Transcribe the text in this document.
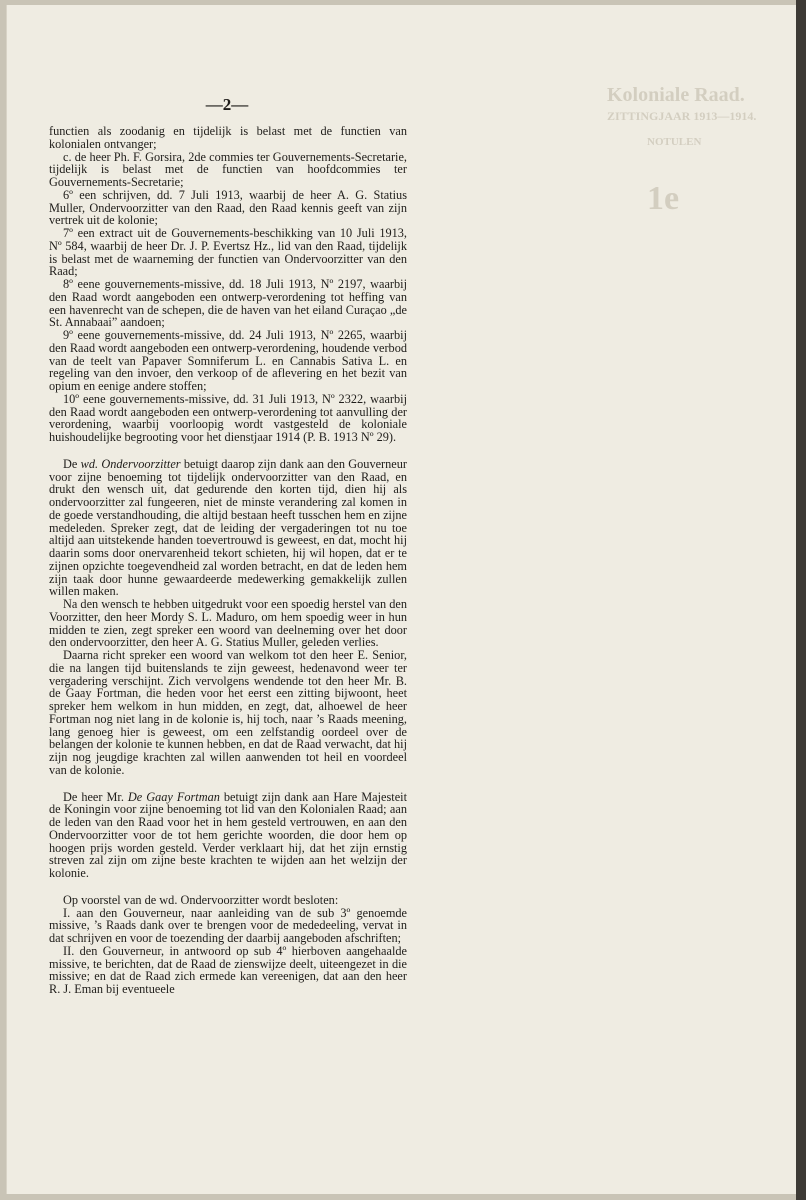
Koloniale Raad.
ZITTINGJAAR 1913—1914.
NOTULEN
1e
—2—

functien als zoodanig en tijdelijk is belast met de functien van kolonialen ontvanger;

c. de heer Ph. F. Gorsira, 2de commies ter Gouvernements-Secretarie, tijdelijk is belast met de functien van hoofdcommies ter Gouvernements-Secretarie;

6º een schrijven, dd. 7 Juli 1913, waarbij de heer A. G. Statius Muller, Ondervoorzitter van den Raad, den Raad kennis geeft van zijn vertrek uit de kolonie;

7º een extract uit de Gouvernements-beschikking van 10 Juli 1913, Nº 584, waarbij de heer Dr. J. P. Evertsz Hz., lid van den Raad, tijdelijk is belast met de waarneming der functien van Ondervoorzitter van den Raad;

8º eene gouvernements-missive, dd. 18 Juli 1913, Nº 2197, waarbij den Raad wordt aangeboden een ontwerp-verordening tot heffing van een havenrecht van de schepen, die de haven van het eiland Curaçao „de St. Annabaai” aandoen;

9º eene gouvernements-missive, dd. 24 Juli 1913, Nº 2265, waarbij den Raad wordt aangeboden een ontwerp-verordening, houdende verbod van de teelt van Papaver Somniferum L. en Cannabis Sativa L. en regeling van den invoer, den verkoop of de aflevering en het bezit van opium en eenige andere stoffen;

10º eene gouvernements-missive, dd. 31 Juli 1913, Nº 2322, waarbij den Raad wordt aangeboden een ontwerp-verordening tot aanvulling der verordening, waarbij voorloopig wordt vastgesteld de koloniale huishoudelijke begrooting voor het dienstjaar 1914 (P. B. 1913 Nº 29).

De wd. Ondervoorzitter betuigt daarop zijn dank aan den Gouverneur voor zijne benoeming tot tijdelijk ondervoorzitter van den Raad, en drukt den wensch uit, dat gedurende den korten tijd, dien hij als ondervoorzitter zal fungeeren, niet de minste verandering zal komen in de goede verstandhouding, die altijd bestaan heeft tusschen hem en zijne medeleden. Spreker zegt, dat de leiding der vergaderingen tot nu toe altijd aan uitstekende handen toevertrouwd is geweest, en dat, mocht hij daarin soms door onervarenheid tekort schieten, hij wil hopen, dat er te zijnen opzichte toegevendheid zal worden betracht, en dat de leden hem zijn taak door hunne gewaardeerde medewerking gemakkelijk zullen willen maken.

Na den wensch te hebben uitgedrukt voor een spoedig herstel van den Voorzitter, den heer Mordy S. L. Maduro, om hem spoedig weer in hun midden te zien, zegt spreker een woord van deelneming over het door den ondervoorzitter, den heer A. G. Statius Muller, geleden verlies.

Daarna richt spreker een woord van welkom tot den heer E. Senior, die na langen tijd buitenslands te zijn geweest, hedenavond weer ter vergadering verschijnt. Zich vervolgens wendende tot den heer Mr. B. de Gaay Fortman, die heden voor het eerst een zitting bijwoont, heet spreker hem welkom in hun midden, en zegt, dat, alhoewel de heer Fortman nog niet lang in de kolonie is, hij toch, naar ’s Raads meening, lang genoeg hier is geweest, om een zelfstandig oordeel over de belangen der kolonie te kunnen hebben, en dat de Raad verwacht, dat hij zijn nog jeugdige krachten zal willen aanwenden tot heil en voordeel van de kolonie.

De heer Mr. De Gaay Fortman betuigt zijn dank aan Hare Majesteit de Koningin voor zijne benoeming tot lid van den Kolonialen Raad; aan de leden van den Raad voor het in hem gesteld vertrouwen, en aan den Ondervoorzitter voor de tot hem gerichte woorden, die door hem op hoogen prijs worden gesteld. Verder verklaart hij, dat het zijn ernstig streven zal zijn om zijne beste krachten te wijden aan het welzijn der kolonie.

Op voorstel van de wd. Ondervoorzitter wordt besloten:

I. aan den Gouverneur, naar aanleiding van de sub 3º genoemde missive, ’s Raads dank over te brengen voor de mededeeling, vervat in dat schrijven en voor de toezending der daarbij aangeboden afschriften;

II. den Gouverneur, in antwoord op sub 4º hierboven aangehaalde missive, te berichten, dat de Raad de zienswijze deelt, uiteengezet in die missive; en dat de Raad zich ermede kan vereenigen, dat aan den heer R. J. Eman bij eventueele
